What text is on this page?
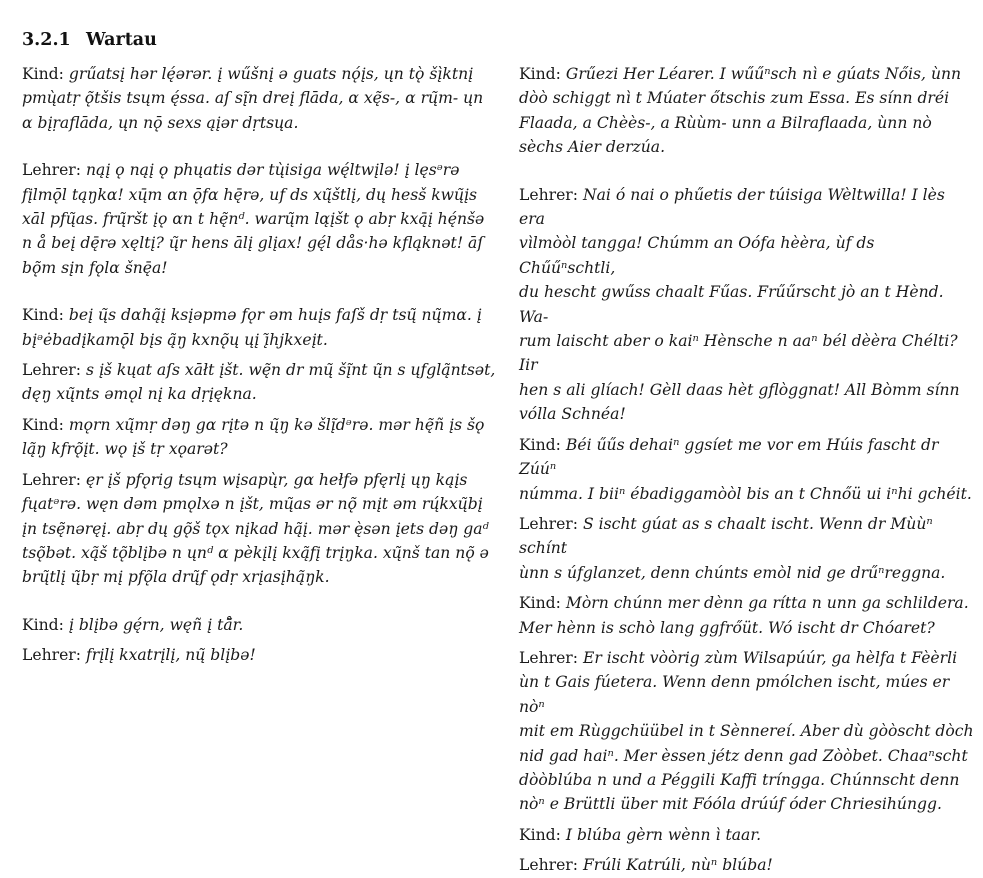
3.2.1 Wartau

Kind: grűatsį hər lę́ərər. į wűšnį ə guats nǫ́įs, ųn tǫ̀ šį̀ktnį
pmų̀atṛ ǫ̃tšis tsųm ę́ssa. aſ sį̃n dreį flāda, α xę̃s-, α rų̃m- ųn
α bįṛaflāda, ųn nǭ sexs ąįər dṛtsųa.

Lehrer: nąį ǫ nąį ǫ phųatis dər tų̀isiga wę́ltwįlə! į lęsᵊrə
fįlmǭl tąŋkα! xų̄m αn ǭfα hę̄rə, uf ds xų̃štlį, dų hesš kwų̃įs
xāl pfų̃as. frų̃ršt įǫ αn t hę̃nᵈ. warų̃m lα̨įšt ǫ abṛ kxą̄į hę́nšə
n å beį dę̄rə xęltį? ų̃r hens ālį glįax! gę́l dås·hə kfląknət! āſ
bǫ̃m sįn fǫlα šnę̄a!

Kind: beį ų̃s dαhą̃į ksįəpmə fǫr əm huįs faſš dṛ tsų̃ nų̃mα. į
bįᵊėbadįkamǭl bįs ą̃ŋ kxnǫ̃ų ųį ı̨̃hjkxeįt.

Lehrer: s įš kųat aſs xāłt įšt. wę̃n dr mų̃ šį̃nt ų̃n s ųfglą̃ntsət,
dęŋ xų̃nts əmǫl nį ka dṛįękna.

Kind: mǫrn xų̃mṛ dəŋ gα rįtə n ų̃ŋ kə šlį̃dᵊrə. mər hę̃ñ įs šǫ
lą̃ŋ kfrǫ̃įt. wǫ įš tṛ xǫarət?

Lehrer: ęr įš pfǫrig tsųm wįsapų̀r, gα hełfə pfęrlį ųŋ kąįs
fųatᵊrə. węn dəm pmǫlxə n įšt, mų̃as ər nǫ̃ mįt əm rų́kxų̃bį
įn tsę̃nəręį. abṛ dų gǫ̃š tǫx nįkad hą̃į. mər ę̀sən įets dəŋ gaᵈ
tsǫ̃bət. xą̃š tǫ̃blįbə n ųnᵈ α pèkįlį kxą̃fį trįŋka. xų̃nš tan nǫ̃ ə
brų̃tlį ų̃bṛ mį pfǫ̃la drų̃f ǫdṛ xrįasįhą̃ŋk.

Kind: į blįbə gę́rn, węñ į tå̃r.

Lehrer: frįlį kxatrįlį, nų̃ blįbə!

Kind: Grűezi Her Léarer. I wűűⁿsch nì e gúats Nőis, ùnn
dòò schiggt nì t Múater őtschis zum Essa. Es sínn dréi
Flaada, a Chèès-, a Rùùm- unn a Bilraflaada, ùnn nò
sèchs Aier derzúa.

Lehrer: Nai ó nai o phűetis der túisiga Wèltwilla! I lès era
vìlmòòl tangga! Chúmm an Oófa hèèra, ùf ds Chűűⁿschtli,
du hescht gwűss chaalt Fűas. Frűűrscht jò an t Hènd. Wa-
rum laischt aber o kaiⁿ Hènsche n aaⁿ bél dèèra Chélti? Iir
hen s ali glíach! Gèll daas hèt gflòggnat! All Bòmm sínn
vólla Schnéa!

Kind: Béi űűs dehaiⁿ ggsíet me vor em Húis fascht dr Zúúⁿ
númma. I biiⁿ ébadiggamòòl bis an t Chnőü ui iⁿhi gchéit.

Lehrer: S ischt gúat as s chaalt ischt. Wenn dr Mùùⁿ schínt
ùnn s úfglanzet, denn chúnts emòl nid ge drűⁿreggna.

Kind: Mòrn chúnn mer dènn ga rítta n unn ga schlildera.
Mer hènn is schò lang ggfrőüt. Wó ischt dr Chóaret?

Lehrer: Er ischt vòòrig zùm Wilsapúúr, ga hèlfa t Fèèrli
ùn t Gais fúetera. Wenn denn pmólchen ischt, múes er nòⁿ
mit em Rùggchüübel in t Sènnereí. Aber dù gòòscht dòch
nid gad haiⁿ. Mer èssen jétz denn gad Zòòbet. Chaaⁿscht
dòòblúba n und a Péggili Kaffi tríngga. Chúnnscht denn
nòⁿ e Brüttli über mit Fóóla drúúf óder Chriesihúngg.

Kind: I blúba gèrn wènn ì taar.

Lehrer: Frúli Katrúli, nùⁿ blúba!
